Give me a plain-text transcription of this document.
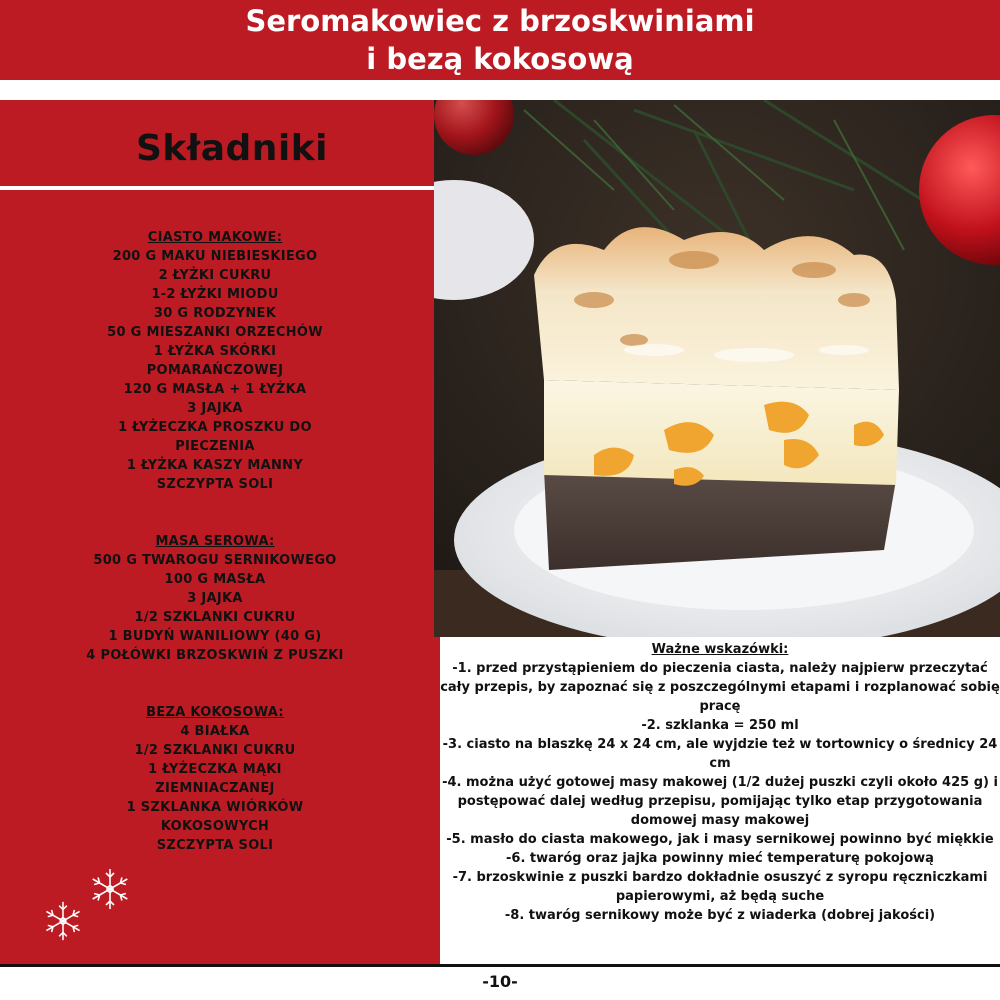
Seromakowiec z brzoskwiniami
i bezą kokosową
Składniki
CIASTO MAKOWE:
200 G MAKU NIEBIESKIEGO
2 ŁYŻKI CUKRU
1-2 ŁYŻKI MIODU
30 G RODZYNEK
50 G MIESZANKI ORZECHÓW
1 ŁYŻKA SKÓRKI
POMARAŃCZOWEJ
120 G MASŁA + 1 ŁYŻKA
3 JAJKA
1 ŁYŻECZKA PROSZKU DO
PIECZENIA
1 ŁYŻKA KASZY MANNY
SZCZYPTA SOLI
MASA SEROWA:
500 G TWAROGU SERNIKOWEGO
100 G MASŁA
3 JAJKA
1/2 SZKLANKI CUKRU
1 BUDYŃ WANILIOWY (40 G)
4 POŁÓWKI BRZOSKWIŃ Z PUSZKI
BEZA KOKOSOWA:
4 BIAŁKA
1/2 SZKLANKI CUKRU
1 ŁYŻECZKA MĄKI
ZIEMNIACZANEJ
1 SZKLANKA WIÓRKÓW
KOKOSOWYCH
SZCZYPTA SOLI
Ważne wskazówki:
-1. przed przystąpieniem do pieczenia ciasta, należy najpierw przeczytać
cały przepis, by zapoznać się z poszczególnymi etapami i rozplanować sobię
pracę
-2. szklanka = 250 ml
-3. ciasto na blaszkę 24 x 24 cm, ale wyjdzie też w tortownicy o średnicy 24
cm
-4. można użyć gotowej masy makowej (1/2 dużej puszki czyli około 425 g) i
postępować dalej według przepisu, pomijając tylko etap przygotowania
domowej masy makowej
-5. masło do ciasta makowego, jak i masy sernikowej powinno być miękkie
-6. twaróg oraz jajka powinny mieć temperaturę pokojową
-7. brzoskwinie z puszki bardzo dokładnie osuszyć z syropu ręczniczkami
papierowymi, aż będą suche
-8. twaróg sernikowy może być z wiaderka (dobrej jakości)
-10-
